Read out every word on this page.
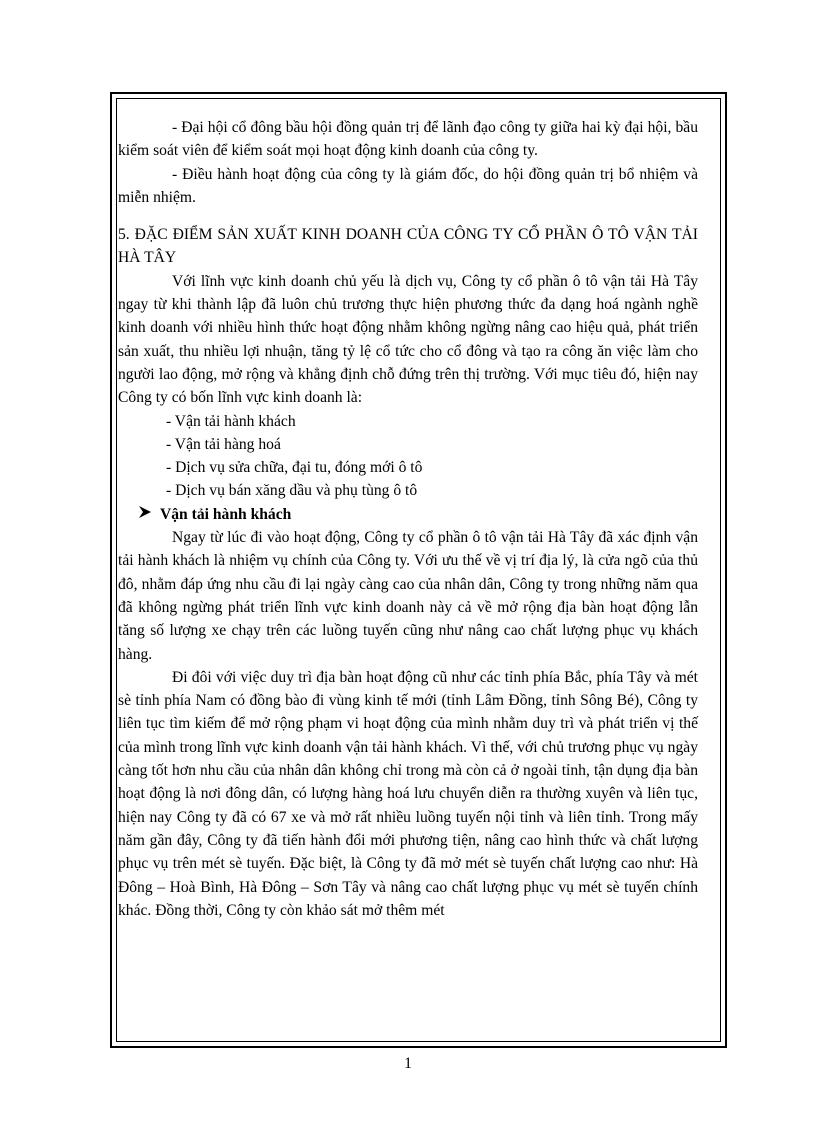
- Đại hội cổ đông bầu hội đồng quản trị để lãnh đạo công ty giữa hai kỳ đại hội, bầu kiểm soát viên để kiểm soát mọi hoạt động kinh doanh của công ty.

- Điều hành hoạt động của công ty là giám đốc, do hội đồng quản trị bổ nhiệm và miễn nhiệm.

5. ĐẶC ĐIỂM SẢN XUẤT KINH DOANH CỦA CÔNG TY CỔ PHẦN Ô TÔ VẬN TẢI HÀ TÂY

Với lĩnh vực kinh doanh chủ yếu là dịch vụ, Công ty cổ phần ô tô vận tải Hà Tây ngay từ khi thành lập đã luôn chủ trương thực hiện phương thức đa dạng hoá ngành nghề kinh doanh với nhiều hình thức hoạt động nhằm không ngừng nâng cao hiệu quả, phát triển sản xuất, thu nhiều lợi nhuận, tăng tỷ lệ cổ tức cho cổ đông và tạo ra công ăn việc làm cho người lao động, mở rộng và khẳng định chỗ đứng trên thị trường. Với mục tiêu đó, hiện nay Công ty có bốn lĩnh vực kinh doanh là:

- Vận tải hành khách
- Vận tải hàng hoá
- Dịch vụ sửa chữa, đại tu, đóng mới ô tô
- Dịch vụ bán xăng dầu và phụ tùng ô tô
Vận tải hành khách

Ngay từ lúc đi vào hoạt động, Công ty cổ phần ô tô vận tải Hà Tây đã xác định vận tải hành khách là nhiệm vụ chính của Công ty. Với ưu thế về vị trí địa lý, là cửa ngõ của thủ đô, nhằm đáp ứng nhu cầu đi lại ngày càng cao của nhân dân, Công ty trong những năm qua đã không ngừng phát triển lĩnh vực kinh doanh này cả về mở rộng địa bàn hoạt động lẫn tăng số lượng xe chạy trên các luồng tuyến cũng như nâng cao chất lượng phục vụ khách hàng.

Đi đôi với việc duy trì địa bàn hoạt động cũ như các tỉnh phía Bắc, phía Tây và mét sè tỉnh phía Nam có đồng bào đi vùng kinh tế mới (tỉnh Lâm Đồng, tỉnh Sông Bé), Công ty liên tục tìm kiếm để mở rộng phạm vi hoạt động của mình nhằm duy trì và phát triển vị thế của mình trong lĩnh vực kinh doanh vận tải hành khách. Vì thế, với chủ trương phục vụ ngày càng tốt hơn nhu cầu của nhân dân không chỉ trong mà còn cả ở ngoài tỉnh, tận dụng địa bàn hoạt động là nơi đông dân, có lượng hàng hoá lưu chuyển diễn ra thường xuyên và liên tục, hiện nay Công ty đã có 67 xe và mở rất nhiều luồng tuyến nội tỉnh và liên tỉnh. Trong mấy năm gần đây, Công ty đã tiến hành đổi mới phương tiện, nâng cao hình thức và chất lượng phục vụ trên mét sè tuyến. Đặc biệt, là Công ty đã mở mét sè tuyến chất lượng cao như: Hà Đông – Hoà Bình, Hà Đông – Sơn Tây và nâng cao chất lượng phục vụ mét sè tuyến chính khác. Đồng thời, Công ty còn khảo sát mở thêm mét

1
